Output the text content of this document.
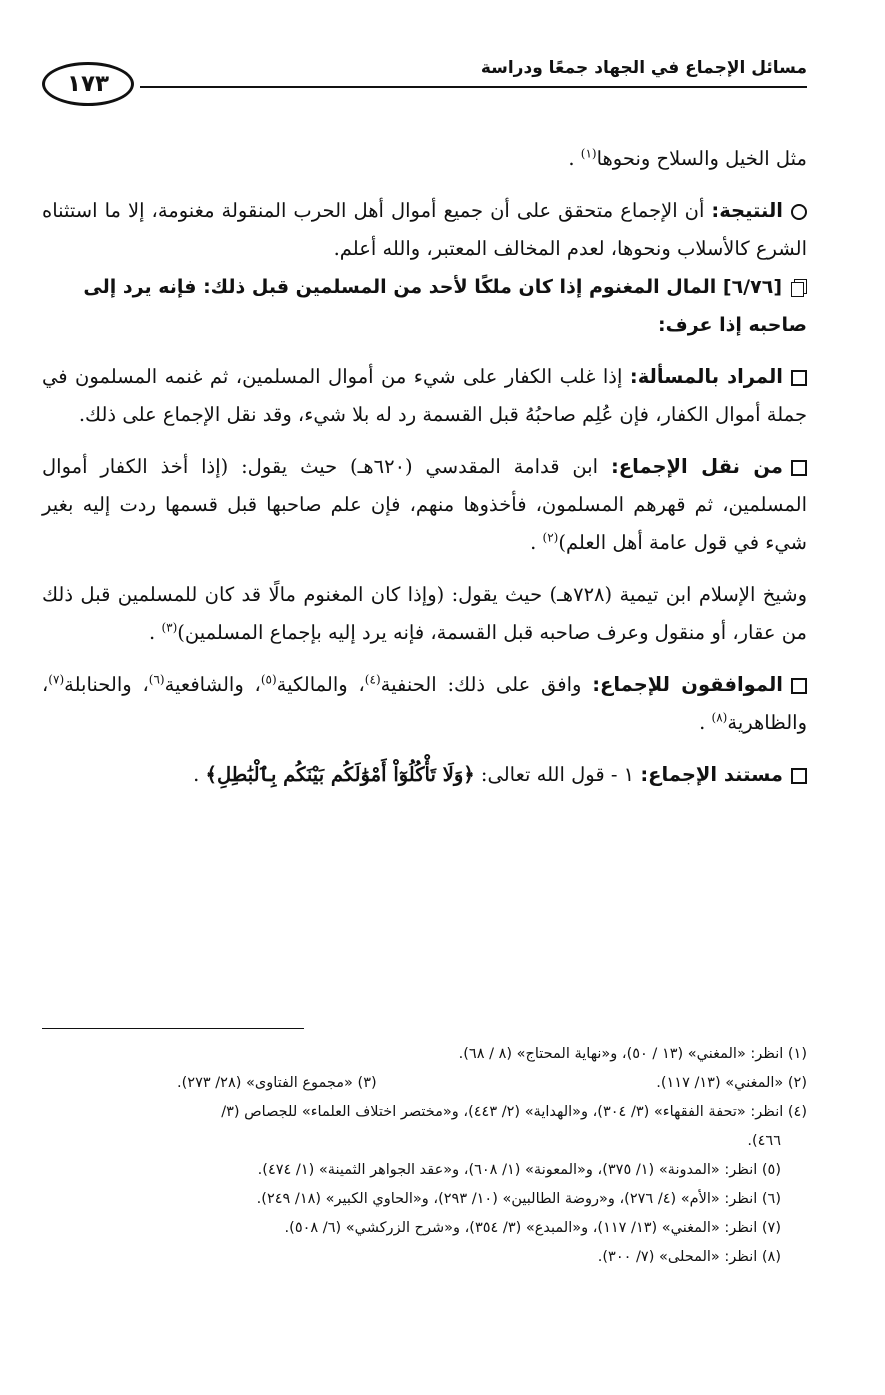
مسائل الإجماع في الجهاد جمعًا ودراسة
١٧٣

مثل الخيل والسلاح ونحوها$^{(١)}$ .

النتيجة: أن الإجماع متحقق على أن جميع أموال أهل الحرب المنقولة مغنومة، إلا ما استثناه الشرع كالأسلاب ونحوها، لعدم المخالف المعتبر، والله أعلم.

[٦/٧٦] المال المغنوم إذا كان ملكًا لأحد من المسلمين قبل ذلك: فإنه يرد إلى صاحبه إذا عرف:

المراد بالمسألة: إذا غلب الكفار على شيء من أموال المسلمين، ثم غنمه المسلمون في جملة أموال الكفار، فإن عُلِم صاحبُهُ قبل القسمة رد له بلا شيء، وقد نقل الإجماع على ذلك.

من نقل الإجماع: ابن قدامة المقدسي (٦٢٠هـ) حيث يقول: (إذا أخذ الكفار أموال المسلمين، ثم قهرهم المسلمون، فأخذوها منهم، فإن علم صاحبها قبل قسمها ردت إليه بغير شيء في قول عامة أهل العلم)$^{(٢)}$ .

وشيخ الإسلام ابن تيمية (٧٢٨هـ) حيث يقول: (وإذا كان المغنوم مالًا قد كان للمسلمين قبل ذلك من عقار، أو منقول وعرف صاحبه قبل القسمة، فإنه يرد إليه بإجماع المسلمين)$^{(٣)}$ .

الموافقون للإجماع: وافق على ذلك: الحنفية$^{(٤)}$، والمالكية$^{(٥)}$، والشافعية$^{(٦)}$، والحنابلة$^{(٧)}$، والظاهرية$^{(٨)}$ .

مستند الإجماع: ١ - قول الله تعالى: ﴿وَلَا تَأْكُلُوٓاْ أَمْوَٰلَكُم بَيْنَكُم بِٱلْبَٰطِلِ﴾ .

(١) انظر: «المغني» (١٣ / ٥٠)، و«نهاية المحتاج» (٨ / ٦٨).

(٢) «المغني» (١٣/ ١١٧).
(٣) «مجموع الفتاوى» (٢٨/ ٢٧٣).

(٤) انظر: «تحفة الفقهاء» (٣/ ٣٠٤)، و«الهداية» (٢/ ٤٤٣)، و«مختصر اختلاف العلماء» للجصاص (٣/

٤٦٦).

(٥) انظر: «المدونة» (١/ ٣٧٥)، و«المعونة» (١/ ٦٠٨)، و«عقد الجواهر الثمينة» (١/ ٤٧٤).

(٦) انظر: «الأم» (٤/ ٢٧٦)، و«روضة الطالبين» (١٠/ ٢٩٣)، و«الحاوي الكبير» (١٨/ ٢٤٩).

(٧) انظر: «المغني» (١٣/ ١١٧)، و«المبدع» (٣/ ٣٥٤)، و«شرح الزركشي» (٦/ ٥٠٨).

(٨) انظر: «المحلى» (٧/ ٣٠٠).
